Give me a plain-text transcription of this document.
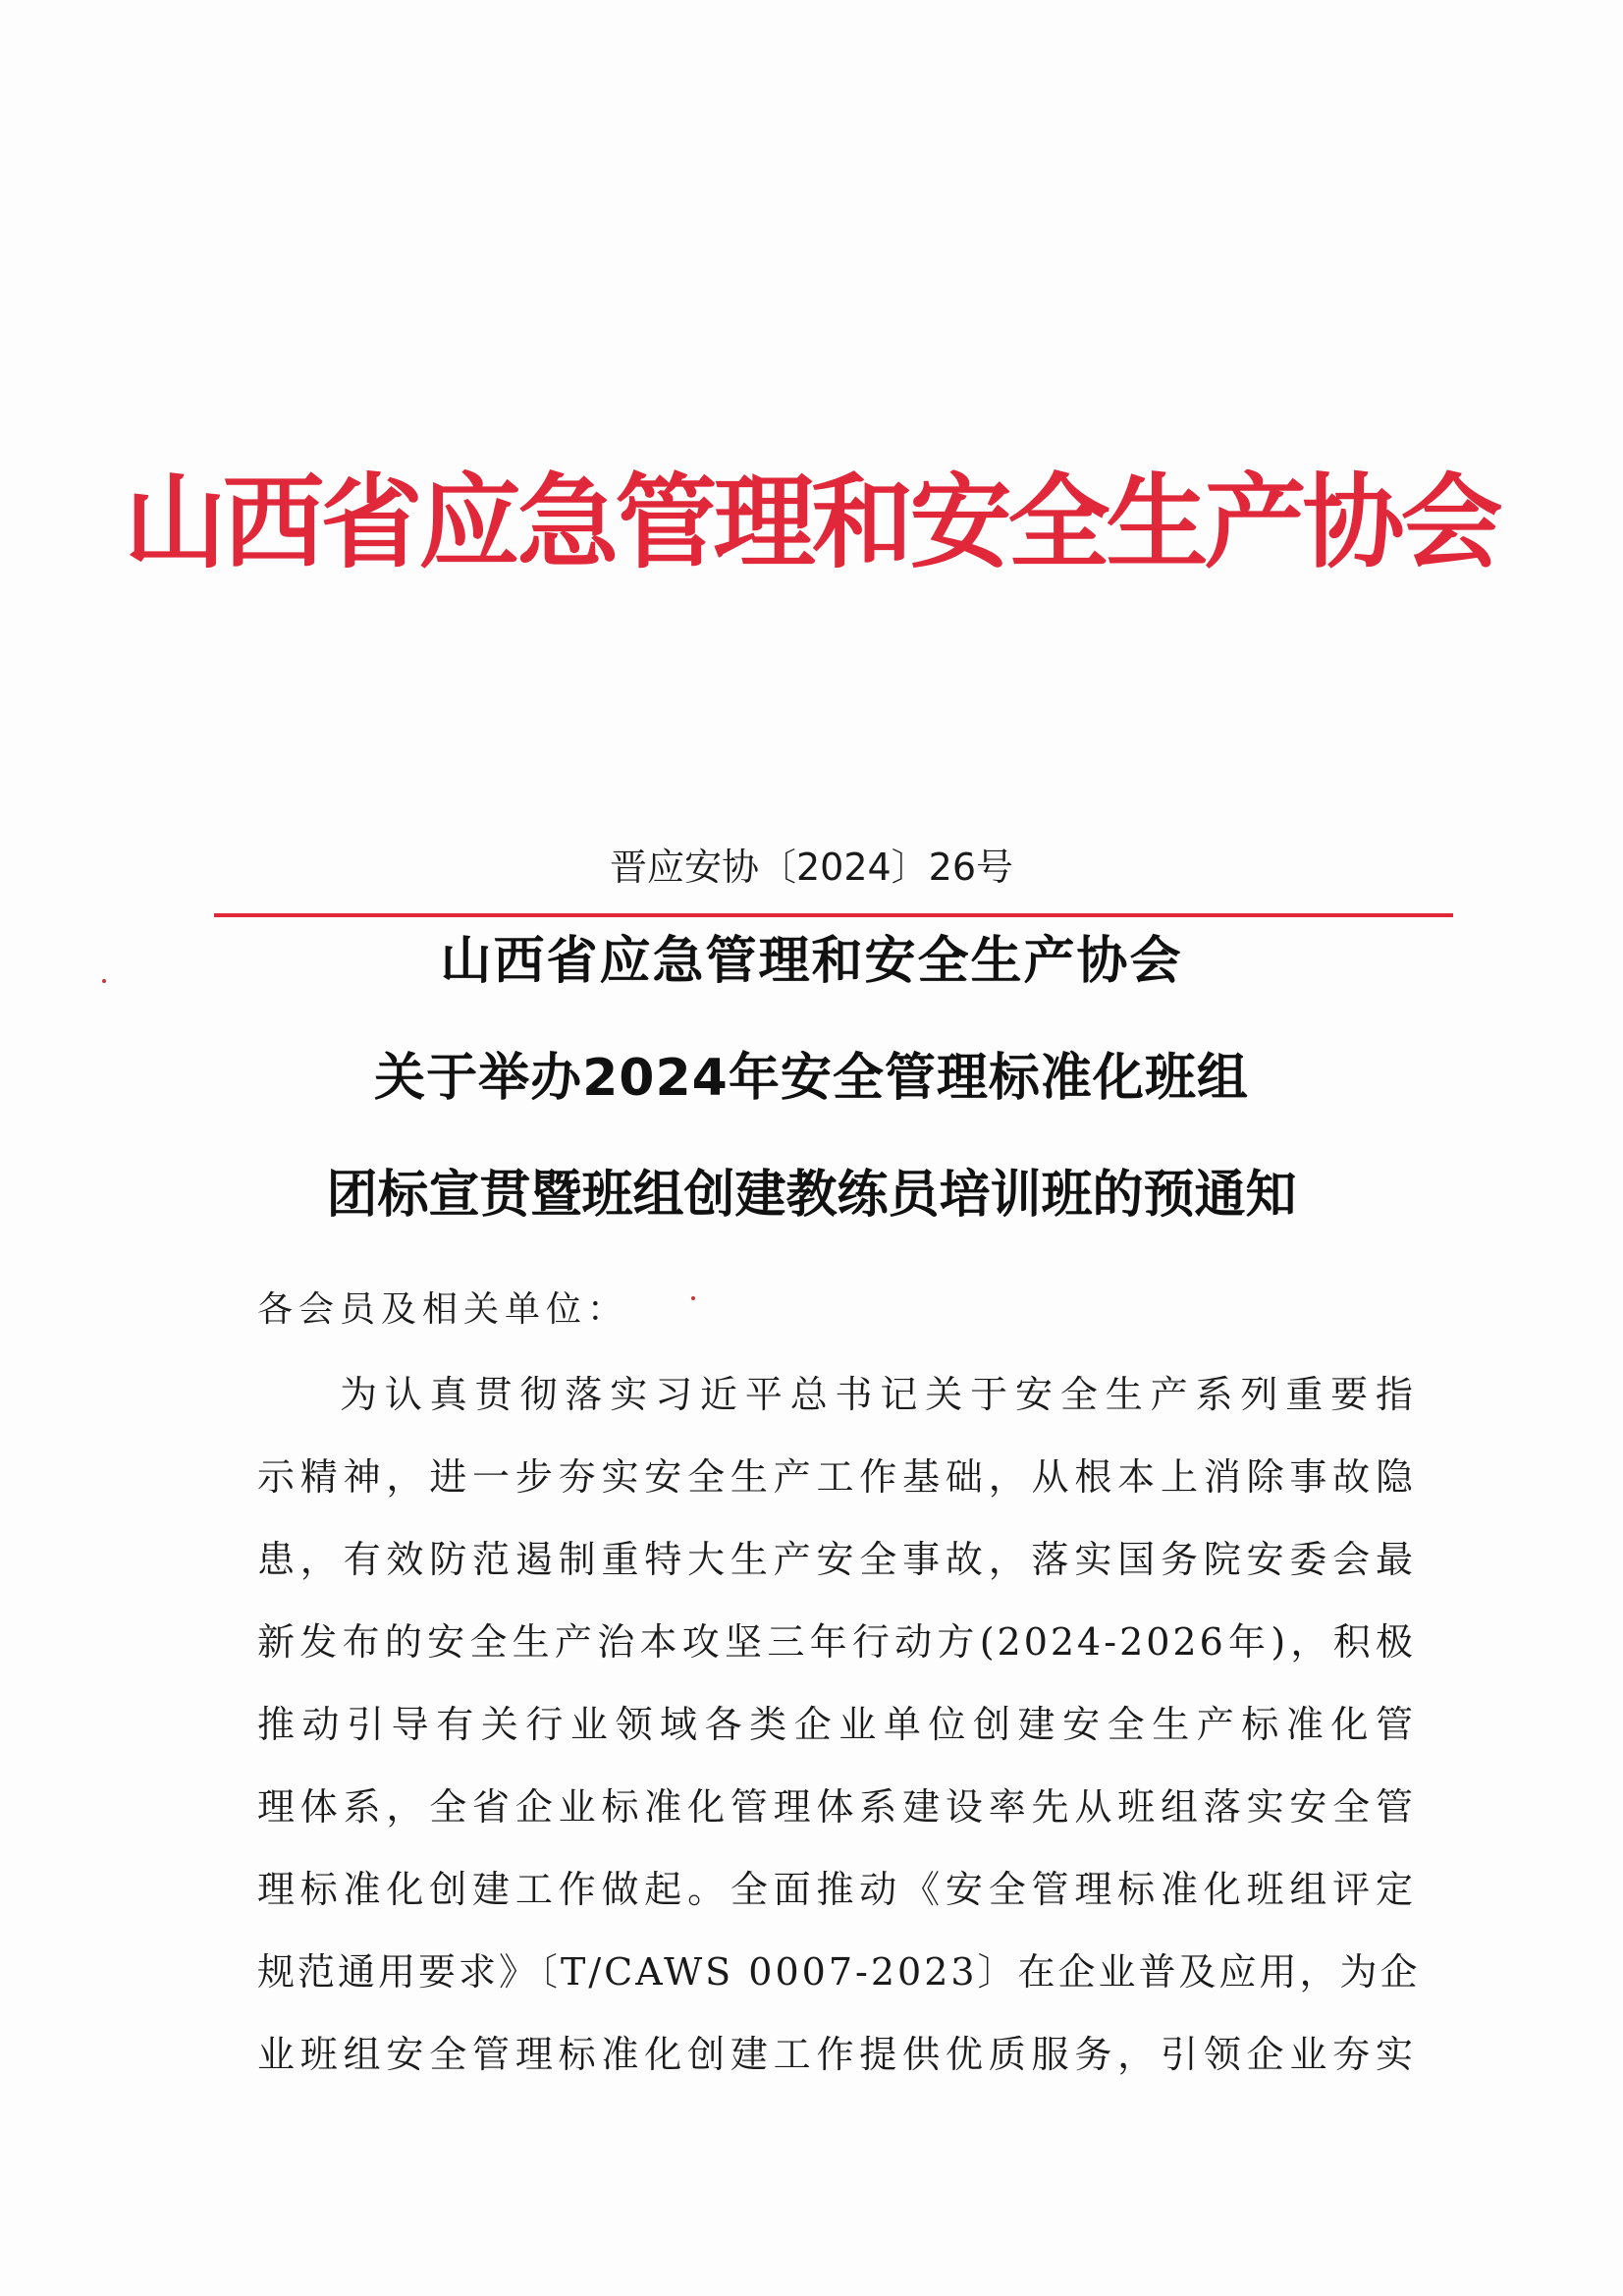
山西省应急管理和安全生产协会
晋应安协〔2024〕26号
山西省应急管理和安全生产协会
关于举办2024年安全管理标准化班组
团标宣贯暨班组创建教练员培训班的预通知
各会员及相关单位：
为认真贯彻落实习近平总书记关于安全生产系列重要指
示精神，进一步夯实安全生产工作基础，从根本上消除事故隐
患，有效防范遏制重特大生产安全事故，落实国务院安委会最
新发布的安全生产治本攻坚三年行动方(2024-2026年)，积极
推动引导有关行业领域各类企业单位创建安全生产标准化管
理体系，全省企业标准化管理体系建设率先从班组落实安全管
理标准化创建工作做起。全面推动《安全管理标准化班组评定
规范通用要求》〔T/CAWS 0007-2023〕在企业普及应用，为企
业班组安全管理标准化创建工作提供优质服务，引领企业夯实
